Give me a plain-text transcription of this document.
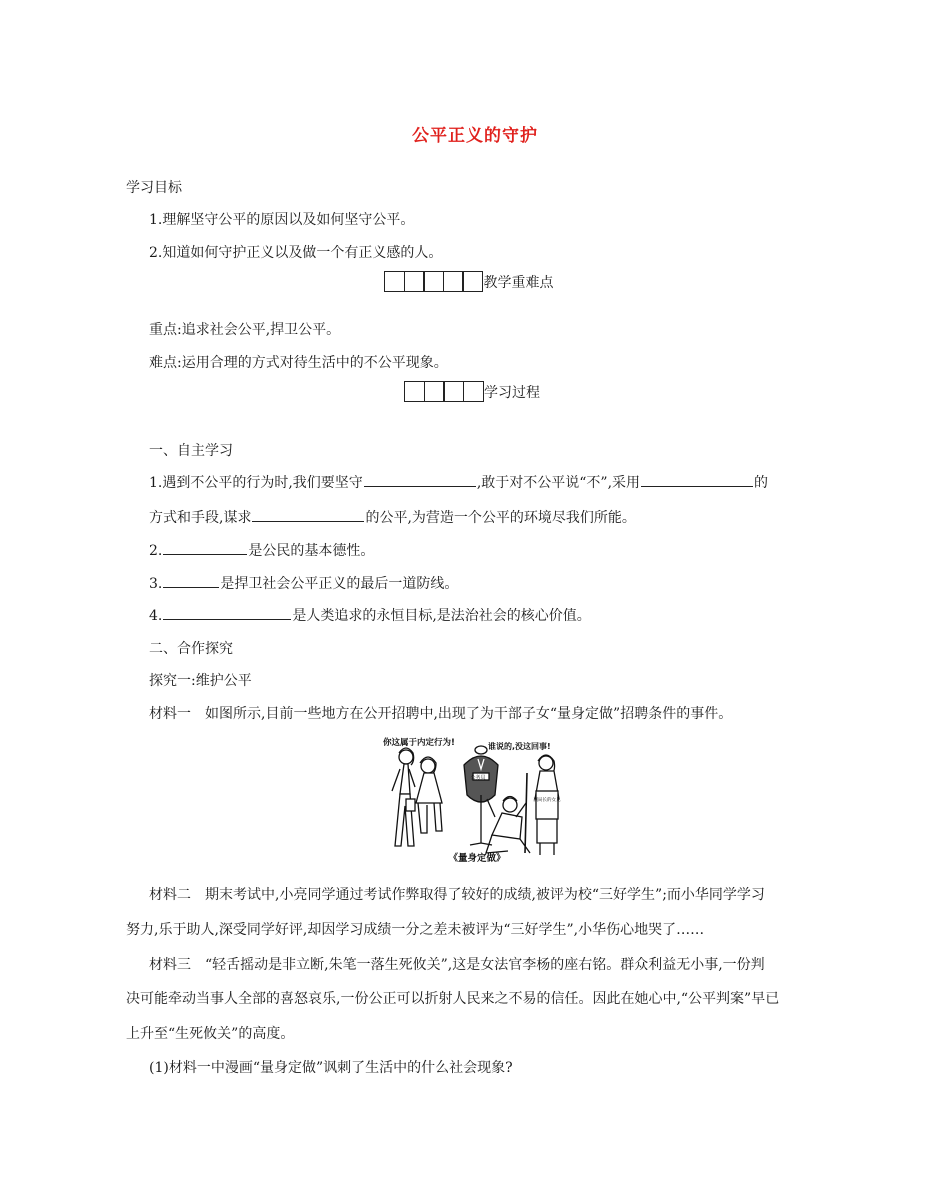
公平正义的守护
学习目标
1.理解坚守公平的原因以及如何坚守公平。
2.知道如何守护正义以及做一个有正义感的人。
教学重难点
重点:追求社会公平,捍卫公平。
难点:运用合理的方式对待生活中的不公平现象。
学习过程
一、自主学习
1.遇到不公平的行为时,我们要坚守	,敢于对不公平说“不”,采用	的
方式和手段,谋求	的公平,为营造一个公平的环境尽我们所能。
2.	是公民的基本德性。
3.	是捍卫社会公平正义的最后一道防线。
4.	是人类追求的永恒目标,是法治社会的核心价值。
二、合作探究
探究一:维护公平
材料一　如图所示,目前一些地方在公开招聘中,出现了为干部子女“量身定做”招聘条件的事件。
公务员
副局长的女儿
你这属于内定行为!	谁说的,没这回事!
《量身定做》
材料二　期末考试中,小亮同学通过考试作弊取得了较好的成绩,被评为校“三好学生”;而小华同学学习
努力,乐于助人,深受同学好评,却因学习成绩一分之差未被评为“三好学生”,小华伤心地哭了……
材料三　“轻舌摇动是非立断,朱笔一落生死攸关”,这是女法官李杨的座右铭。群众利益无小事,一份判
决可能牵动当事人全部的喜怒哀乐,一份公正可以折射人民来之不易的信任。因此在她心中,“公平判案”早已
上升至“生死攸关”的高度。
(1)材料一中漫画“量身定做”讽刺了生活中的什么社会现象?
